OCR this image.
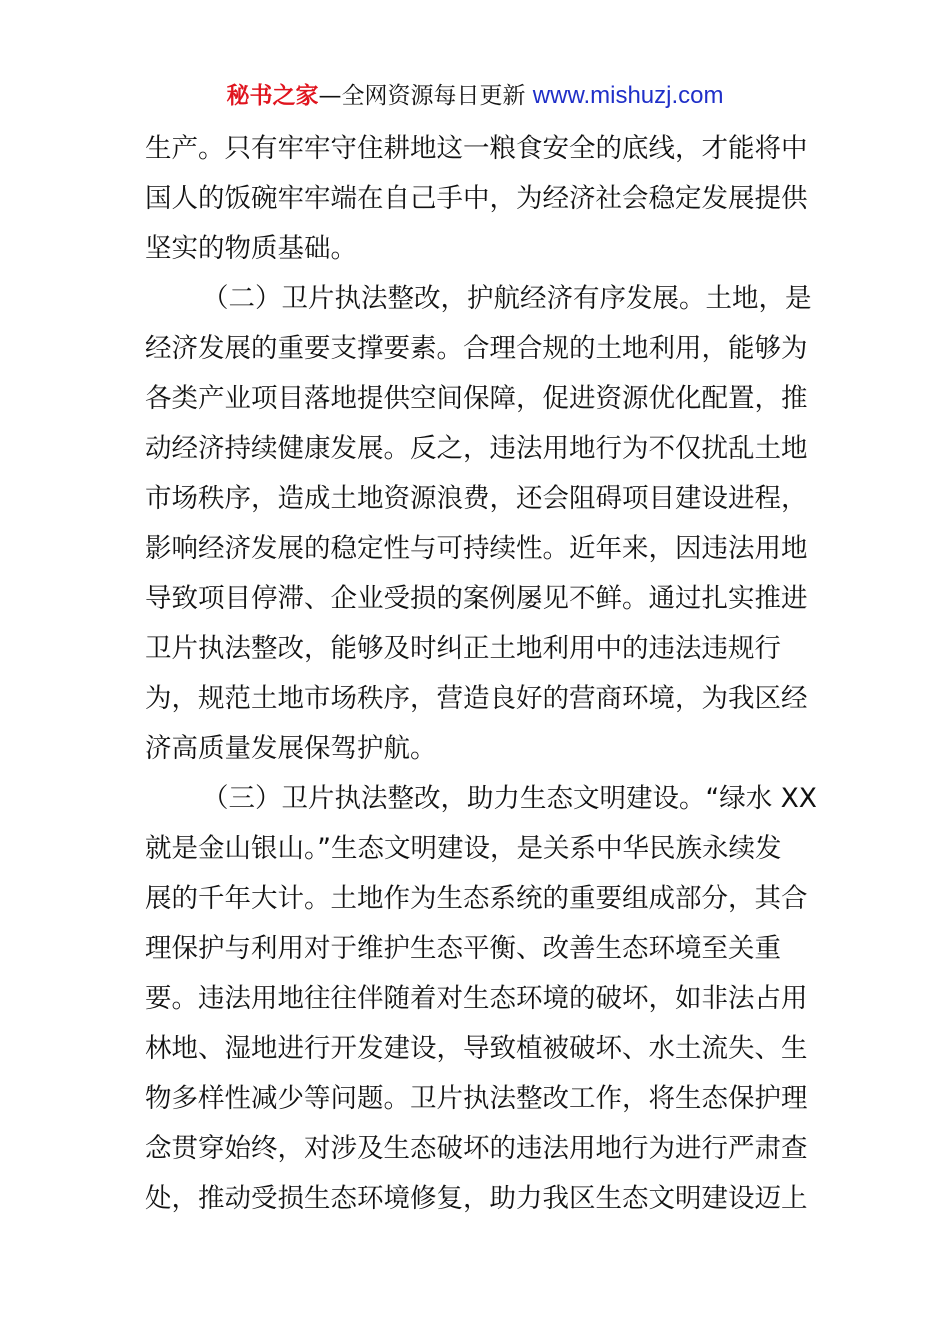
秘书之家—全网资源每日更新 www.mishuzj.com
生产。只有牢牢守住耕地这一粮食安全的底线，才能将中
国人的饭碗牢牢端在自己手中，为经济社会稳定发展提供
坚实的物质基础。
（二）卫片执法整改，护航经济有序发展。土地，是
经济发展的重要支撑要素。合理合规的土地利用，能够为
各类产业项目落地提供空间保障，促进资源优化配置，推
动经济持续健康发展。反之，违法用地行为不仅扰乱土地
市场秩序，造成土地资源浪费，还会阻碍项目建设进程，
影响经济发展的稳定性与可持续性。近年来，因违法用地
导致项目停滞、企业受损的案例屡见不鲜。通过扎实推进
卫片执法整改，能够及时纠正土地利用中的违法违规行
为，规范土地市场秩序，营造良好的营商环境，为我区经
济高质量发展保驾护航。
（三）卫片执法整改，助力生态文明建设。“绿水 XX
就是金山银山。”生态文明建设，是关系中华民族永续发
展的千年大计。土地作为生态系统的重要组成部分，其合
理保护与利用对于维护生态平衡、改善生态环境至关重
要。违法用地往往伴随着对生态环境的破坏，如非法占用
林地、湿地进行开发建设，导致植被破坏、水土流失、生
物多样性减少等问题。卫片执法整改工作，将生态保护理
念贯穿始终，对涉及生态破坏的违法用地行为进行严肃查
处，推动受损生态环境修复，助力我区生态文明建设迈上
